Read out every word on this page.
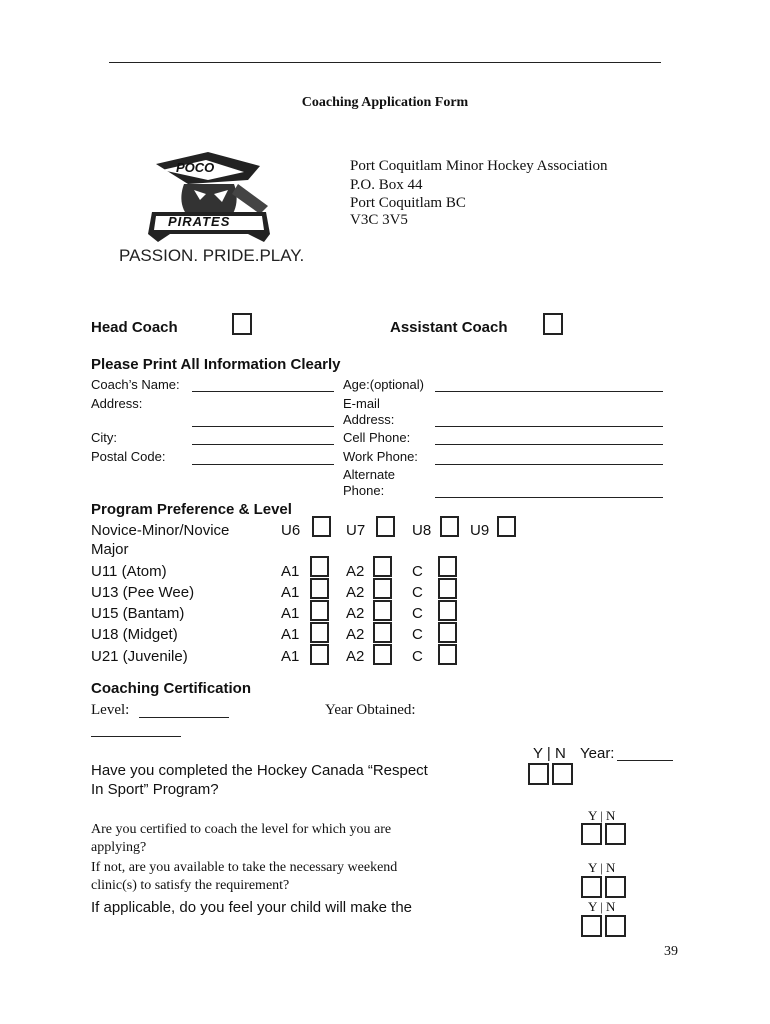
Coaching Application Form
POCO
PIRATES
PASSION. PRIDE.PLAY.
Port Coquitlam Minor Hockey Association
P.O. Box 44
Port Coquitlam BC
V3C 3V5
Head Coach	Assistant Coach
Please Print All Information Clearly
Coach’s Name:
Address:
City:
Postal Code:
Age:(optional)
E-mail
Address:
Cell Phone:
Work Phone:
Alternate
Phone:
Program Preference & Level
Novice-Minor/Novice
Major
U6	U7	U8	U9
U11 (Atom)	A1	A2	C
U13 (Pee Wee)	A1	A2	C
U15 (Bantam)	A1	A2	C
U18 (Midget)	A1	A2	C
U21 (Juvenile)	A1	A2	C
Coaching Certification
Level:	Year Obtained:
Y | N Year:
Have you completed the Hockey Canada “Respect
In Sport” Program?
Y | N
Are you certified to coach the level for which you are
applying?
Y | N
If not, are you available to take the necessary weekend
clinic(s) to satisfy the requirement?
Y | N
If applicable, do you feel your child will make the
39
